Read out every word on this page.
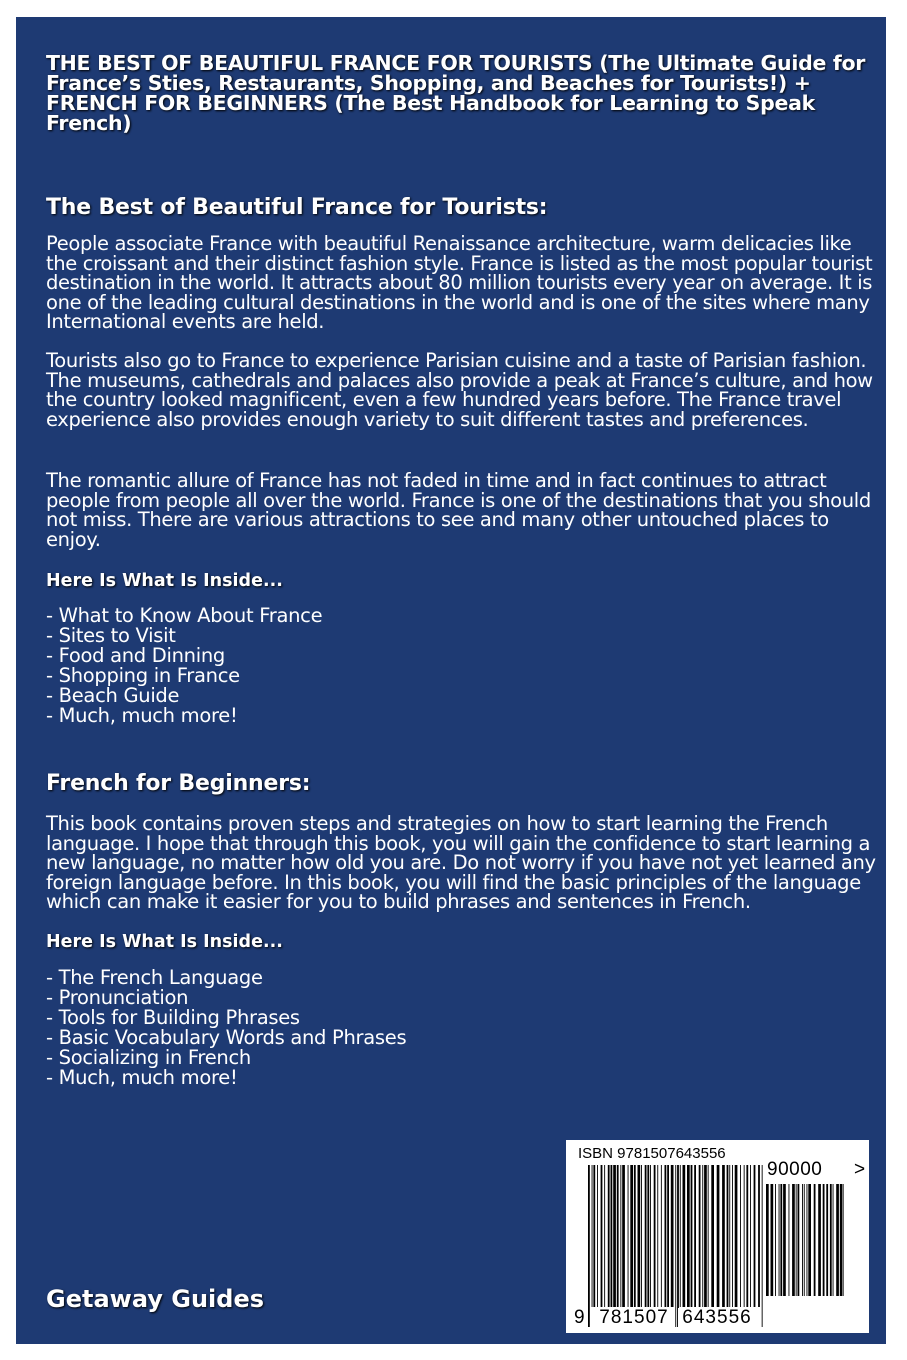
THE BEST OF BEAUTIFUL FRANCE FOR TOURISTS (The Ultimate Guide for France’s Sties, Restaurants, Shopping, and Beaches for Tourists!) + FRENCH FOR BEGINNERS (The Best Handbook for Learning to Speak French)
The Best of Beautiful France for Tourists:

People associate France with beautiful Renaissance architecture, warm delicacies like the croissant and their distinct fashion style. France is listed as the most popular tourist destination in the world. It attracts about 80 million tourists every year on average. It is one of the leading cultural destinations in the world and is one of the sites where many International events are held.

Tourists also go to France to experience Parisian cuisine and a taste of Parisian fashion. The museums, cathedrals and palaces also provide a peak at France’s culture, and how the country looked magnificent, even a few hundred years before. The France travel experience also provides enough variety to suit different tastes and preferences.

The romantic allure of France has not faded in time and in fact continues to attract people from people all over the world. France is one of the destinations that you should not miss. There are various attractions to see and many other untouched places to enjoy.

Here Is What Is Inside...
- What to Know About France
- Sites to Visit
- Food and Dinning
- Shopping in France
- Beach Guide
- Much, much more!
French for Beginners:

This book contains proven steps and strategies on how to start learning the French language. I hope that through this book, you will gain the confidence to start learning a new language, no matter how old you are. Do not worry if you have not yet learned any foreign language before. In this book, you will find the basic principles of the language which can make it easier for you to build phrases and sentences in French.

Here Is What Is Inside...
- The French Language
- Pronunciation
- Tools for Building Phrases
- Basic Vocabulary Words and Phrases
- Socializing in French
- Much, much more!
Getaway Guides
ISBN 9781507643556
90000 >
9 781507 643556
